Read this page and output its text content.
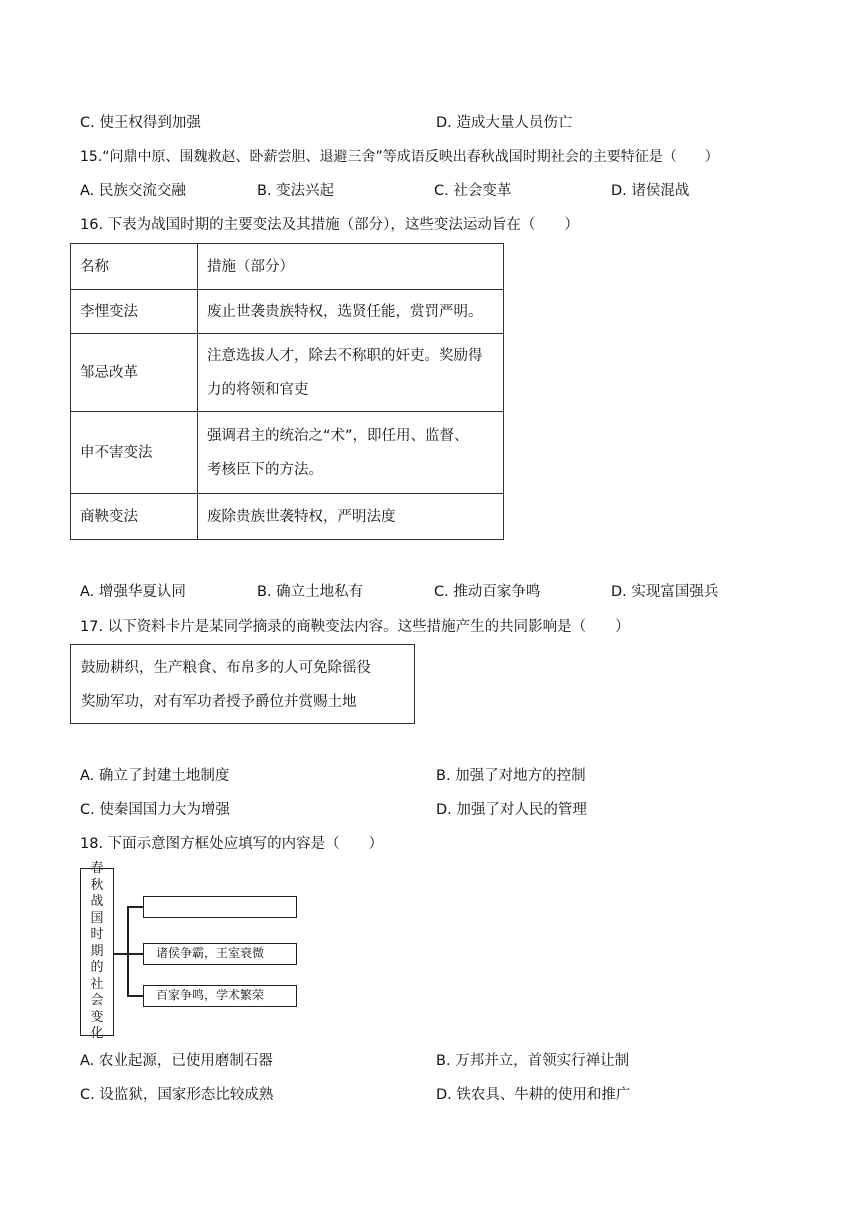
C. 使王权得到加强	D. 造成大量人员伤亡
15.“问鼎中原、围魏救赵、卧薪尝胆、退避三舍”等成语反映出春秋战国时期社会的主要特征是（　　）
A. 民族交流交融	B. 变法兴起	C. 社会变革	D. 诸侯混战
16. 下表为战国时期的主要变法及其措施（部分），这些变法运动旨在（　　）
名称	措施（部分）
李悝变法	废止世袭贵族特权，选贤任能，赏罚严明。

邹忌改革	注意选拔人才，除去不称职的奸吏。奖励得
力的将领和官吏

申不害变法	强调君主的统治之“术”，即任用、监督、
考核臣下的方法。

商鞅变法	废除贵族世袭特权，严明法度
A. 增强华夏认同	B. 确立土地私有	C. 推动百家争鸣	D. 实现富国强兵
17. 以下资料卡片是某同学摘录的商鞅变法内容。这些措施产生的共同影响是（　　）
鼓励耕织，生产粮食、布帛多的人可免除徭役
奖励军功，对有军功者授予爵位并赏赐土地
A. 确立了封建土地制度	B. 加强了对地方的控制
C. 使秦国国力大为增强	D. 加强了对人民的管理
18. 下面示意图方框处应填写的内容是（　　）
春
秋
战
国
时
期
的
社
会
变
化
诸侯争霸，王室衰微
百家争鸣，学术繁荣
A. 农业起源，已使用磨制石器	B. 万邦并立，首领实行禅让制
C. 设监狱，国家形态比较成熟	D. 铁农具、牛耕的使用和推广
